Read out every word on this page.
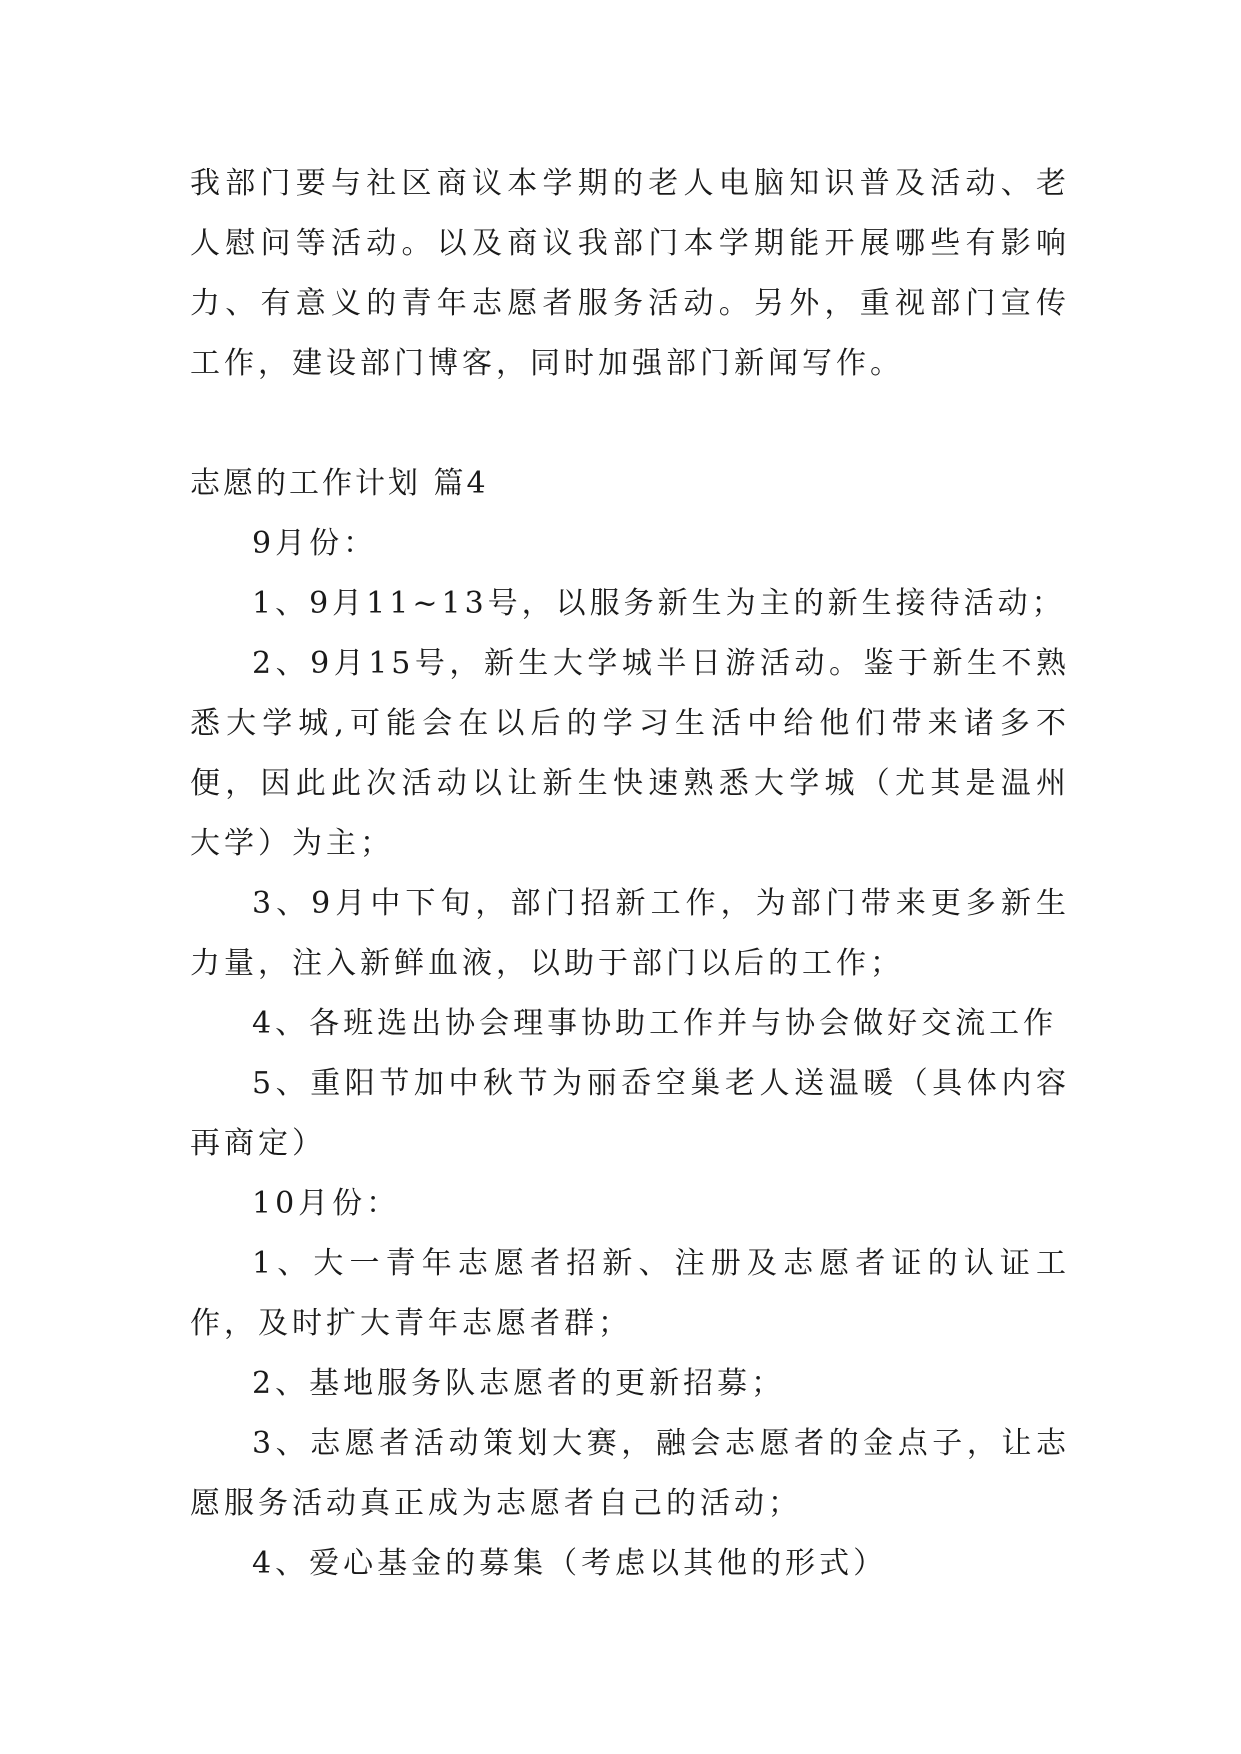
我部门要与社区商议本学期的老人电脑知识普及活动、老人慰问等活动。以及商议我部门本学期能开展哪些有影响力、有意义的青年志愿者服务活动。另外，重视部门宣传工作，建设部门博客，同时加强部门新闻写作。

志愿的工作计划 篇4

9月份：

1、9月11~13号，以服务新生为主的新生接待活动；

2、9月15号，新生大学城半日游活动。鉴于新生不熟悉大学城,可能会在以后的学习生活中给他们带来诸多不便，因此此次活动以让新生快速熟悉大学城（尤其是温州大学）为主；

3、9月中下旬，部门招新工作，为部门带来更多新生力量，注入新鲜血液，以助于部门以后的工作；

4、各班选出协会理事协助工作并与协会做好交流工作

5、重阳节加中秋节为丽岙空巢老人送温暖（具体内容再商定）

10月份：

1、大一青年志愿者招新、注册及志愿者证的认证工作，及时扩大青年志愿者群；

2、基地服务队志愿者的更新招募；

3、志愿者活动策划大赛，融会志愿者的金点子，让志愿服务活动真正成为志愿者自己的活动；

4、爱心基金的募集（考虑以其他的形式）
